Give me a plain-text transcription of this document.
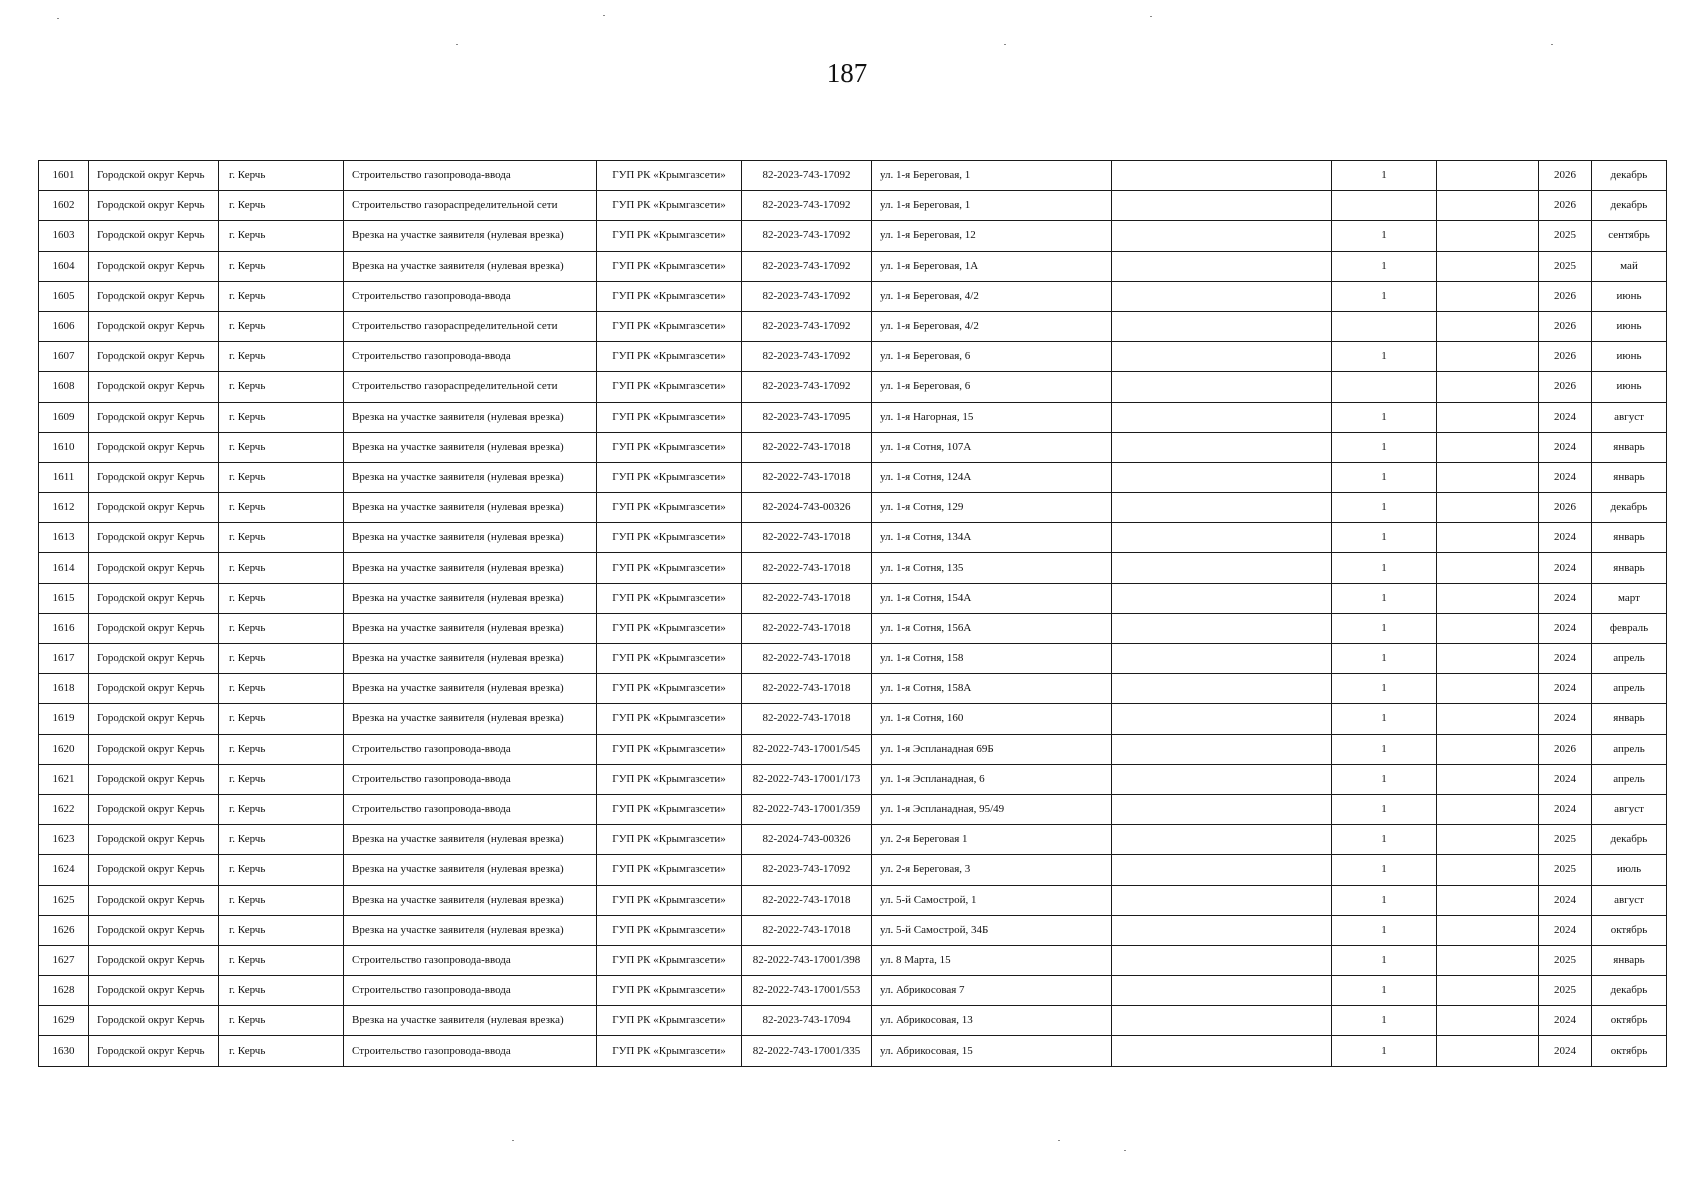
187
1601	Городской округ Керчь	г. Керчь	Строительство газопровода-ввода	ГУП РК «Крымгазсети»	82-2023-743-17092	ул. 1-я Береговая, 1		1		2026	декабрь
1602	Городской округ Керчь	г. Керчь	Строительство газораспределительной сети	ГУП РК «Крымгазсети»	82-2023-743-17092	ул. 1-я Береговая, 1				2026	декабрь
1603	Городской округ Керчь	г. Керчь	Врезка на участке заявителя (нулевая врезка)	ГУП РК «Крымгазсети»	82-2023-743-17092	ул. 1-я Береговая, 12		1		2025	сентябрь
1604	Городской округ Керчь	г. Керчь	Врезка на участке заявителя (нулевая врезка)	ГУП РК «Крымгазсети»	82-2023-743-17092	ул. 1-я Береговая, 1А		1		2025	май
1605	Городской округ Керчь	г. Керчь	Строительство газопровода-ввода	ГУП РК «Крымгазсети»	82-2023-743-17092	ул. 1-я Береговая, 4/2		1		2026	июнь
1606	Городской округ Керчь	г. Керчь	Строительство газораспределительной сети	ГУП РК «Крымгазсети»	82-2023-743-17092	ул. 1-я Береговая, 4/2				2026	июнь
1607	Городской округ Керчь	г. Керчь	Строительство газопровода-ввода	ГУП РК «Крымгазсети»	82-2023-743-17092	ул. 1-я Береговая, 6		1		2026	июнь
1608	Городской округ Керчь	г. Керчь	Строительство газораспределительной сети	ГУП РК «Крымгазсети»	82-2023-743-17092	ул. 1-я Береговая, 6				2026	июнь
1609	Городской округ Керчь	г. Керчь	Врезка на участке заявителя (нулевая врезка)	ГУП РК «Крымгазсети»	82-2023-743-17095	ул. 1-я Нагорная, 15		1		2024	август
1610	Городской округ Керчь	г. Керчь	Врезка на участке заявителя (нулевая врезка)	ГУП РК «Крымгазсети»	82-2022-743-17018	ул. 1-я Сотня, 107А		1		2024	январь
1611	Городской округ Керчь	г. Керчь	Врезка на участке заявителя (нулевая врезка)	ГУП РК «Крымгазсети»	82-2022-743-17018	ул. 1-я Сотня, 124А		1		2024	январь
1612	Городской округ Керчь	г. Керчь	Врезка на участке заявителя (нулевая врезка)	ГУП РК «Крымгазсети»	82-2024-743-00326	ул. 1-я Сотня, 129		1		2026	декабрь
1613	Городской округ Керчь	г. Керчь	Врезка на участке заявителя (нулевая врезка)	ГУП РК «Крымгазсети»	82-2022-743-17018	ул. 1-я Сотня, 134А		1		2024	январь
1614	Городской округ Керчь	г. Керчь	Врезка на участке заявителя (нулевая врезка)	ГУП РК «Крымгазсети»	82-2022-743-17018	ул. 1-я Сотня, 135		1		2024	январь
1615	Городской округ Керчь	г. Керчь	Врезка на участке заявителя (нулевая врезка)	ГУП РК «Крымгазсети»	82-2022-743-17018	ул. 1-я Сотня, 154А		1		2024	март
1616	Городской округ Керчь	г. Керчь	Врезка на участке заявителя (нулевая врезка)	ГУП РК «Крымгазсети»	82-2022-743-17018	ул. 1-я Сотня, 156А		1		2024	февраль
1617	Городской округ Керчь	г. Керчь	Врезка на участке заявителя (нулевая врезка)	ГУП РК «Крымгазсети»	82-2022-743-17018	ул. 1-я Сотня, 158		1		2024	апрель
1618	Городской округ Керчь	г. Керчь	Врезка на участке заявителя (нулевая врезка)	ГУП РК «Крымгазсети»	82-2022-743-17018	ул. 1-я Сотня, 158А		1		2024	апрель
1619	Городской округ Керчь	г. Керчь	Врезка на участке заявителя (нулевая врезка)	ГУП РК «Крымгазсети»	82-2022-743-17018	ул. 1-я Сотня, 160		1		2024	январь
1620	Городской округ Керчь	г. Керчь	Строительство газопровода-ввода	ГУП РК «Крымгазсети»	82-2022-743-17001/545	ул. 1-я Эспланадная 69Б		1		2026	апрель
1621	Городской округ Керчь	г. Керчь	Строительство газопровода-ввода	ГУП РК «Крымгазсети»	82-2022-743-17001/173	ул. 1-я Эспланадная, 6		1		2024	апрель
1622	Городской округ Керчь	г. Керчь	Строительство газопровода-ввода	ГУП РК «Крымгазсети»	82-2022-743-17001/359	ул. 1-я Эспланадная, 95/49		1		2024	август
1623	Городской округ Керчь	г. Керчь	Врезка на участке заявителя (нулевая врезка)	ГУП РК «Крымгазсети»	82-2024-743-00326	ул. 2-я Береговая 1		1		2025	декабрь
1624	Городской округ Керчь	г. Керчь	Врезка на участке заявителя (нулевая врезка)	ГУП РК «Крымгазсети»	82-2023-743-17092	ул. 2-я Береговая, 3		1		2025	июль
1625	Городской округ Керчь	г. Керчь	Врезка на участке заявителя (нулевая врезка)	ГУП РК «Крымгазсети»	82-2022-743-17018	ул. 5-й Самострой, 1		1		2024	август
1626	Городской округ Керчь	г. Керчь	Врезка на участке заявителя (нулевая врезка)	ГУП РК «Крымгазсети»	82-2022-743-17018	ул. 5-й Самострой, 34Б		1		2024	октябрь
1627	Городской округ Керчь	г. Керчь	Строительство газопровода-ввода	ГУП РК «Крымгазсети»	82-2022-743-17001/398	ул. 8 Марта, 15		1		2025	январь
1628	Городской округ Керчь	г. Керчь	Строительство газопровода-ввода	ГУП РК «Крымгазсети»	82-2022-743-17001/553	ул. Абрикосовая 7		1		2025	декабрь
1629	Городской округ Керчь	г. Керчь	Врезка на участке заявителя (нулевая врезка)	ГУП РК «Крымгазсети»	82-2023-743-17094	ул. Абрикосовая, 13		1		2024	октябрь
1630	Городской округ Керчь	г. Керчь	Строительство газопровода-ввода	ГУП РК «Крымгазсети»	82-2022-743-17001/335	ул. Абрикосовая, 15		1		2024	октябрь
